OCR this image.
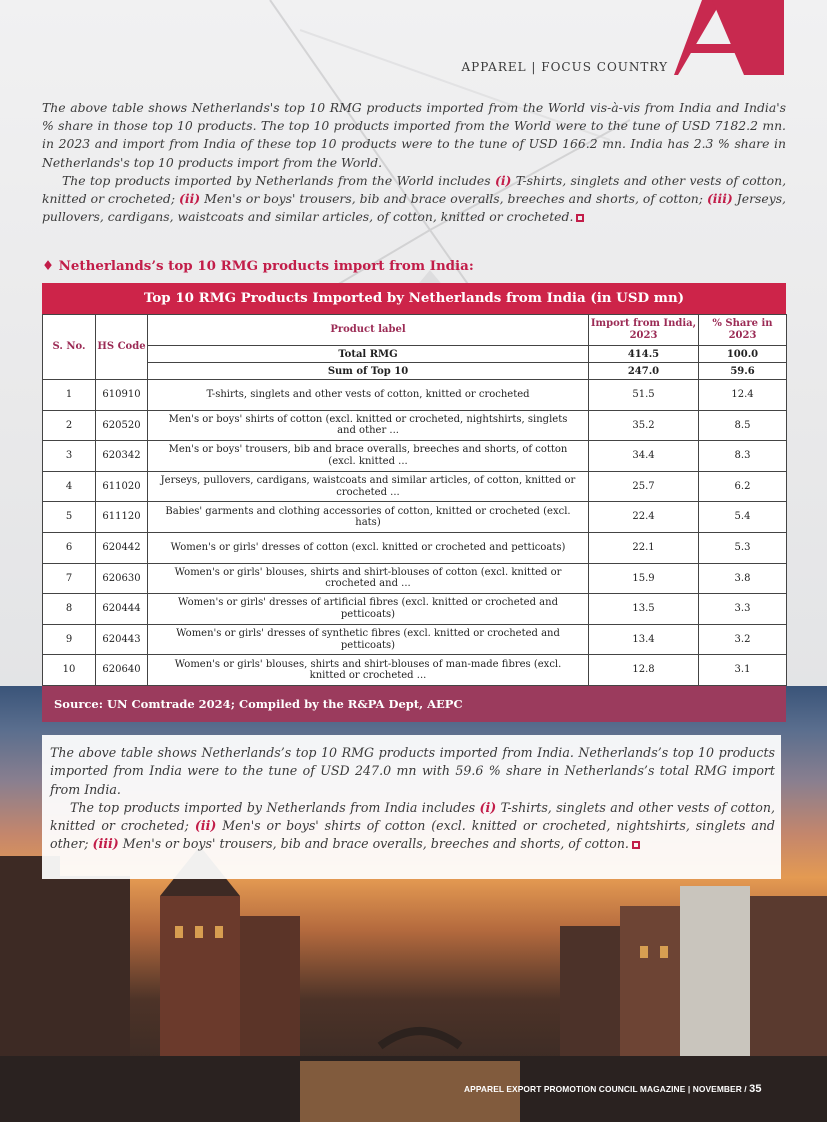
APPAREL | FOCUS COUNTRY

The above table shows Netherlands's top 10 RMG products imported from the World vis-à-vis from India and India's % share in those top 10 products. The top 10 products imported from the World were to the tune of USD 7182.2 mn. in 2023 and import from India of these top 10 products were to the tune of USD 166.2 mn. India has 2.3 % share in Netherlands's top 10 products import from the World.

The top products imported by Netherlands from the World includes (i) T-shirts, singlets and other vests of cotton, knitted or crocheted; (ii) Men's or boys' trousers, bib and brace overalls, breeches and shorts, of cotton; (iii) Jerseys, pullovers, cardigans, waistcoats and similar articles, of cotton, knitted or crocheted.

♦ Netherlands’s top 10 RMG products import from India:
Top 10 RMG Products Imported by Netherlands from India (in USD mn)
S. No.	HS Code	Product label	Import from India, 2023	% Share in 2023
		Total RMG	414.5	100.0
		Sum of Top 10	247.0	59.6
1	610910	T-shirts, singlets and other vests of cotton, knitted or crocheted	51.5	12.4
2	620520	Men's or boys' shirts of cotton (excl. knitted or crocheted, nightshirts, singlets and other ...	35.2	8.5
3	620342	Men's or boys' trousers, bib and brace overalls, breeches and shorts, of cotton (excl. knitted ...	34.4	8.3
4	611020	Jerseys, pullovers, cardigans, waistcoats and similar articles, of cotton, knitted or crocheted ...	25.7	6.2
5	611120	Babies' garments and clothing accessories of cotton, knitted or crocheted (excl. hats)	22.4	5.4
6	620442	Women's or girls' dresses of cotton (excl. knitted or crocheted and petticoats)	22.1	5.3
7	620630	Women's or girls' blouses, shirts and shirt-blouses of cotton (excl. knitted or crocheted and ...	15.9	3.8
8	620444	Women's or girls' dresses of artificial fibres (excl. knitted or crocheted and petticoats)	13.5	3.3
9	620443	Women's or girls' dresses of synthetic fibres (excl. knitted or crocheted and petticoats)	13.4	3.2
10	620640	Women's or girls' blouses, shirts and shirt-blouses of man-made fibres (excl. knitted or crocheted ...	12.8	3.1
Source: UN Comtrade 2024; Compiled by the R&PA Dept, AEPC

The above table shows Netherlands’s top 10 RMG products imported from India. Netherlands’s top 10 products imported from India were to the tune of USD 247.0 mn with 59.6 % share in Netherlands’s total RMG import from India.

The top products imported by Netherlands from India includes (i) T-shirts, singlets and other vests of cotton, knitted or crocheted; (ii) Men's or boys' shirts of cotton (excl. knitted or crocheted, nightshirts, singlets and other; (iii) Men's or boys' trousers, bib and brace overalls, breeches and shorts, of cotton.

APPAREL EXPORT PROMOTION COUNCIL MAGAZINE | NOVEMBER / 35
